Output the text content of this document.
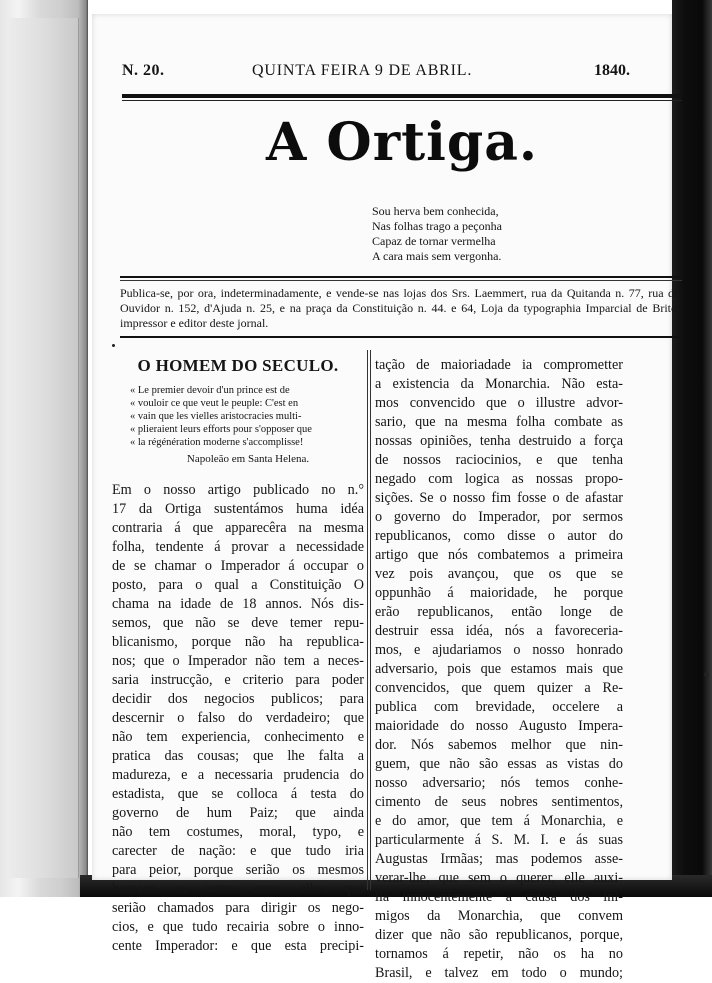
N. 20.	QUINTA FEIRA 9 DE ABRIL.	1840.
A Ortiga.
Sou herva bem conhecida,
Nas folhas trago a peçonha
Capaz de tornar vermelha
A cara mais sem vergonha.
Publica-se, por ora, indeterminadamente, e vende-se nas lojas dos Srs. Laemmert, rua da Quitanda n. 77, rua do Ouvidor n. 152, d'Ajuda n. 25, e na praça da Constituição n. 44. e 64, Loja da typographia Imparcial de Brito, impressor e editor deste jornal.
O HOMEM DO SECULO.
« Le premier devoir d'un prince est de
« vouloir ce que veut le peuple: C'est en
« vain que les vielles aristocracies multi-
« plieraient leurs efforts pour s'opposer que
« la régénération moderne s'accomplisse!
Napoleão em Santa Helena.
Em o nosso artigo publicado no n.°
17 da Ortiga sustentámos huma idéa
contraria á que apparecêra na mesma
folha, tendente á provar a necessidade
de se chamar o Imperador á occupar o
posto, para o qual a Constituição O
chama na idade de 18 annos. Nós dis-
semos, que não se deve temer repu-
blicanismo, porque não ha republica-
nos; que o Imperador não tem a neces-
saria instrucção, e criterio para poder
decidir dos negocios publicos; para
descernir o falso do verdadeiro; que
não tem experiencia, conhecimento e
pratica das cousas; que lhe falta a
madureza, e a necessaria prudencia do
estadista, que se colloca á testa do
governo de hum Paiz; que ainda
não tem costumes, moral, typo, e
carecter de nação: e que tudo iria
para peior, porque serião os mesmos
homens, ou outros como elles, que
serião chamados para dirigir os nego-
cios, e que tudo recairia sobre o inno-
cente Imperador: e que esta precipi-
tação de maioriadade ia comprometter
a existencia da Monarchia. Não esta-
mos convencido que o illustre advor-
sario, que na mesma folha combate as
nossas opiniões, tenha destruido a força
de nossos raciocinios, e que tenha
negado com logica as nossas propo-
sições. Se o nosso fim fosse o de afastar
o governo do Imperador, por sermos
republicanos, como disse o autor do
artigo que nós combatemos a primeira
vez pois avançou, que os que se
oppunhão á maioridade, he porque
erão republicanos, então longe de
destruir essa idéa, nós a favoreceria-
mos, e ajudariamos o nosso honrado
adversario, pois que estamos mais que
convencidos, que quem quizer a Re-
publica com brevidade, occelere a
maioridade do nosso Augusto Impera-
dor. Nós sabemos melhor que nin-
guem, que não são essas as vistas do
nosso adversario; nós temos conhe-
cimento de seus nobres sentimentos,
e do amor, que tem á Monarchia, e
particularmente á S. M. I. e ás suas
Augustas Irmãas; mas podemos asse-
verar-lhe, que sem o querer, elle auxi-
lia innocentemente a causa dos ini-
migos da Monarchia, que convem
dizer que não são republicanos, porque,
tornamos á repetir, não os ha no
Brasil, e talvez em todo o mundo;
